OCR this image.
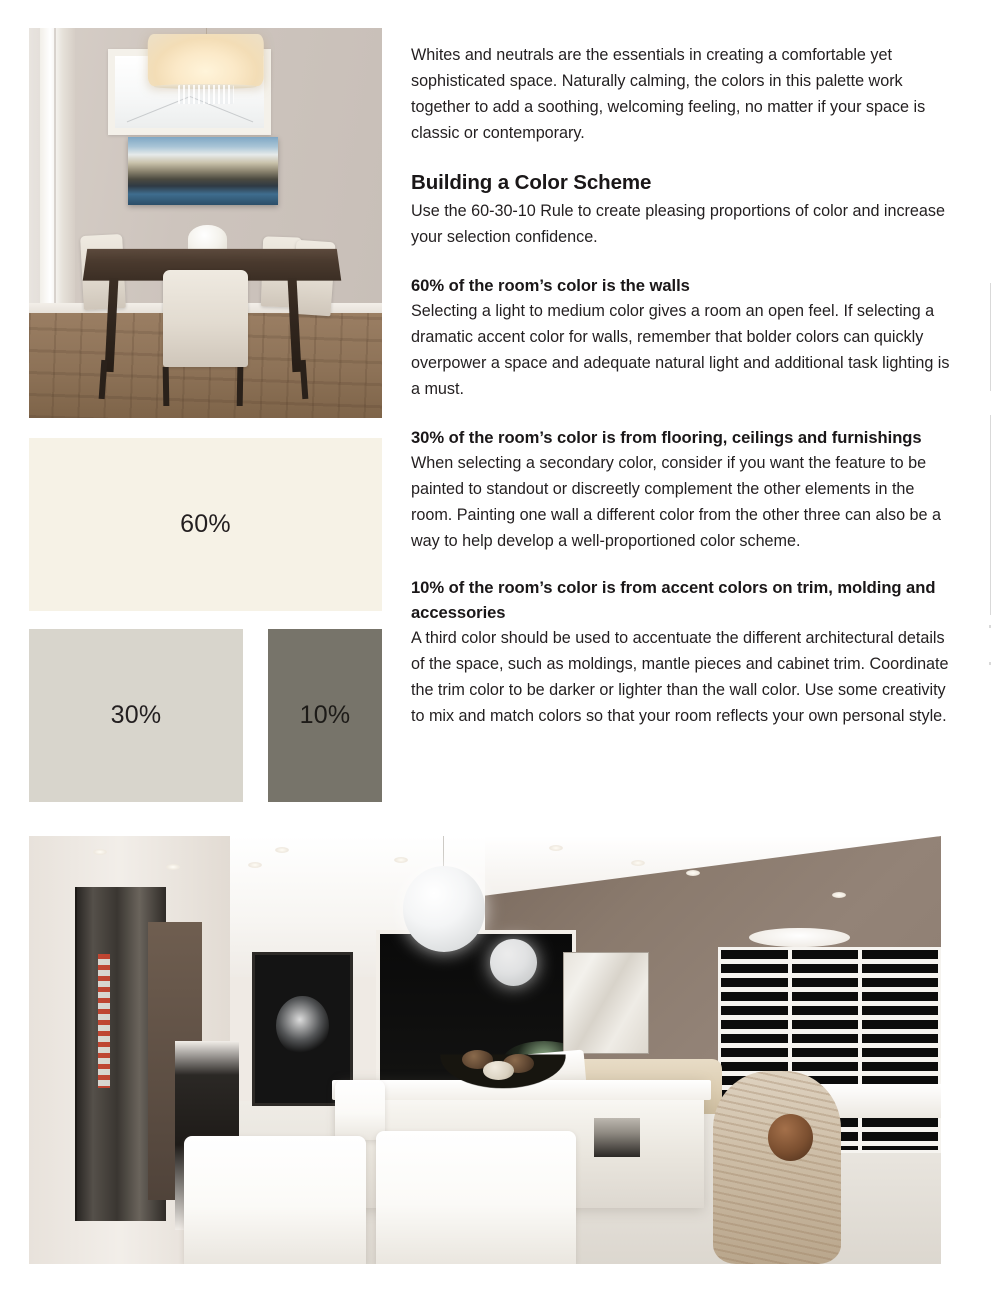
60%
30%	10%

Whites and neutrals are the essentials in creating a comfortable yet sophisticated space. Naturally calming, the colors in this palette work together to add a soothing, welcoming feeling, no matter if your space is classic or contemporary.

Building a Color Scheme

Use the 60-30-10 Rule to create pleasing proportions of color and increase your selection confidence.

60% of the room’s color is the walls

Selecting a light to medium color gives a room an open feel. If selecting a dramatic accent color for walls, remember that bolder colors can quickly overpower a space and adequate natural light and additional task lighting is a must.

30% of the room’s color is from flooring, ceilings and furnishings

When selecting a secondary color, consider if you want the feature to be painted to standout or discreetly complement the other elements in the room. Painting one wall a different color from the other three can also be a way to help develop a well-proportioned color scheme.

10% of the room’s color is from accent colors on trim, molding and accessories

A third color should be used to accentuate the different architectural details of the space, such as moldings, mantle pieces and cabinet trim. Coordinate the trim color to be darker or lighter than the wall color. Use some creativity to mix and match colors so that your room reflects your own personal style.
